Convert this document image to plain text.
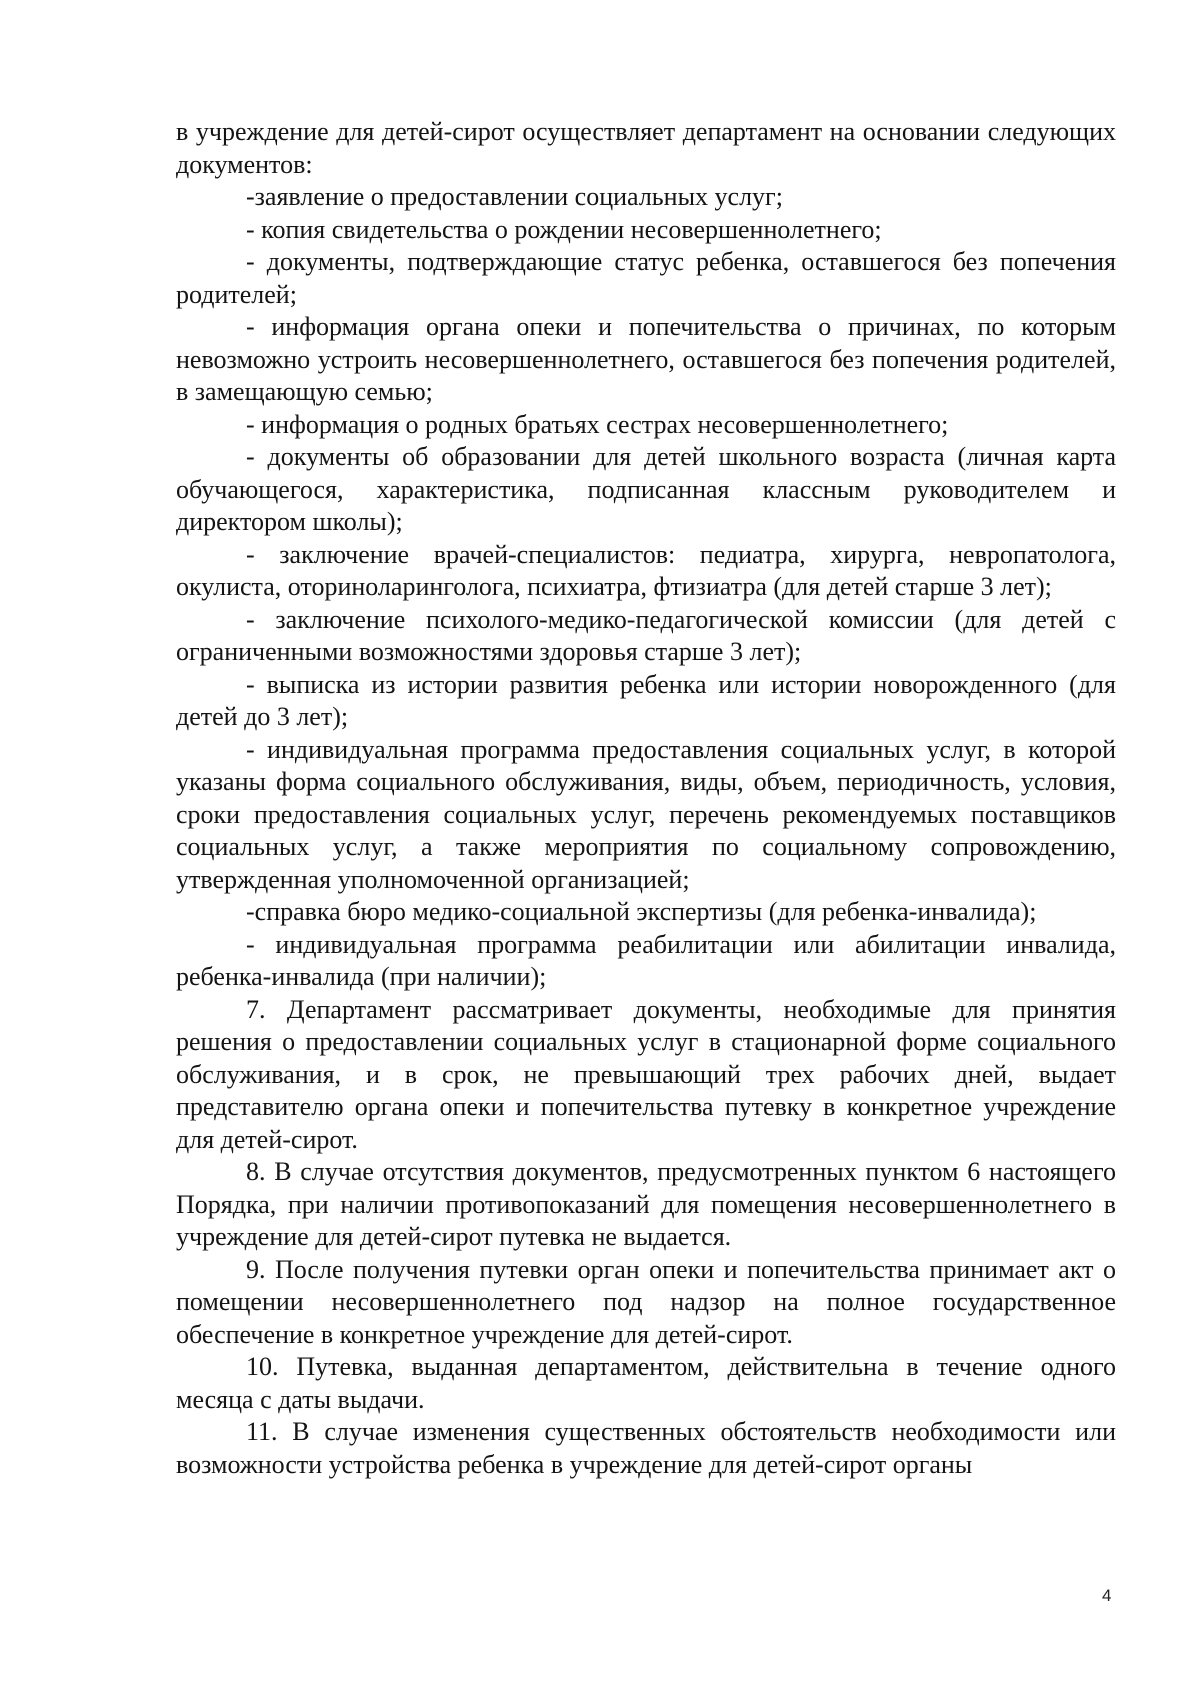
в учреждение для детей-сирот осуществляет департамент на основании следующих документов:

-заявление о предоставлении социальных услуг;

- копия свидетельства о рождении несовершеннолетнего;

- документы, подтверждающие статус ребенка, оставшегося без попечения родителей;

- информация органа опеки и попечительства о причинах, по которым невозможно устроить несовершеннолетнего, оставшегося без попечения родителей, в замещающую семью;

- информация о родных братьях сестрах несовершеннолетнего;

- документы об образовании для детей школьного возраста (личная карта обучающегося, характеристика, подписанная классным руководителем и директором школы);

- заключение врачей-специалистов: педиатра, хирурга, невропатолога, окулиста, оториноларинголога, психиатра, фтизиатра (для детей старше 3 лет);

- заключение психолого-медико-педагогической комиссии (для детей с ограниченными возможностями здоровья старше 3 лет);

- выписка из истории развития ребенка или истории новорожденного (для детей до 3 лет);

- индивидуальная программа предоставления социальных услуг, в которой указаны форма социального обслуживания, виды, объем, периодичность, условия, сроки предоставления социальных услуг, перечень рекомендуемых поставщиков социальных услуг, а также мероприятия по социальному сопровождению, утвержденная уполномоченной организацией;

-справка бюро медико-социальной экспертизы (для ребенка-инвалида);

- индивидуальная программа реабилитации или абилитации инвалида, ребенка-инвалида (при наличии);

7. Департамент рассматривает документы, необходимые для принятия решения о предоставлении социальных услуг в стационарной форме социального обслуживания, и в срок, не превышающий трех рабочих дней, выдает представителю органа опеки и попечительства путевку в конкретное учреждение для детей-сирот.

8. В случае отсутствия документов, предусмотренных пунктом 6 настоящего Порядка, при наличии противопоказаний для помещения несовершеннолетнего в учреждение для детей-сирот путевка не выдается.

9. После получения путевки орган опеки и попечительства принимает акт о помещении несовершеннолетнего под надзор на полное государственное обеспечение в конкретное учреждение для детей-сирот.

10. Путевка, выданная департаментом, действительна в течение одного месяца с даты выдачи.

11. В случае изменения существенных обстоятельств необходимости или возможности устройства ребенка в учреждение для детей-сирот органы

4
